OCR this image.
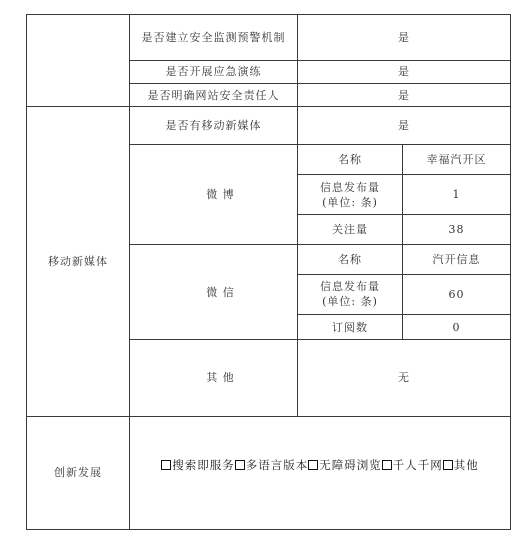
	是否建立安全监测预警机制	是	
	是否开展应急演练	是	
	是否明确网站安全责任人	是	
移动新媒体	是否有移动新媒体	是	
	微 博	名称	幸福汽开区
		信息发布量
(单位: 条)	1
		关注量	38
	微 信	名称	汽开信息
		信息发布量
(单位: 条)	60
		订阅数	0
	其 他	无	
创新发展	搜索即服务 多语言版本 无障碍浏览 千人千网 其他		
